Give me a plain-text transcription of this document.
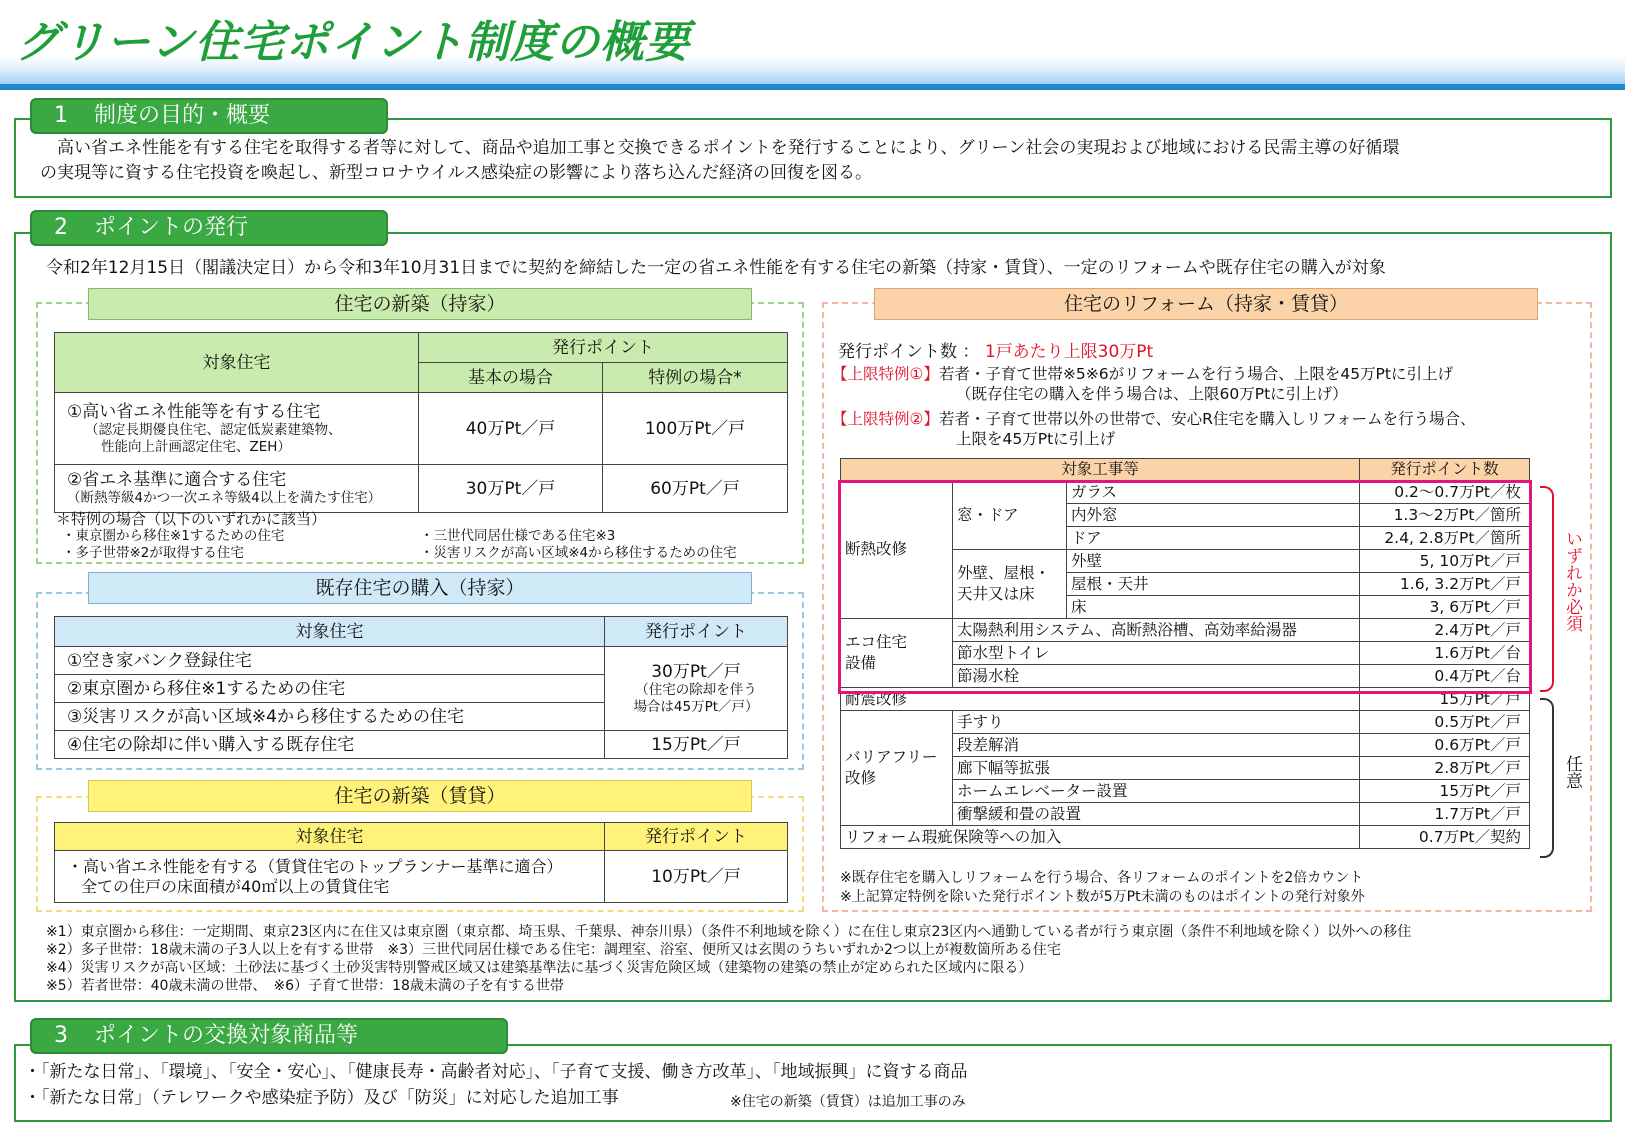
グリーン住宅ポイント制度の概要
　高い省エネ性能を有する住宅を取得する者等に対して、商品や追加工事と交換できるポイントを発行することにより、グリーン社会の実現および地域における民需主導の好循環
の実現等に資する住宅投資を喚起し、新型コロナウイルス感染症の影響により落ち込んだ経済の回復を図る。
1 制度の目的・概要
令和2年12月15日（閣議決定日）から令和3年10月31日までに契約を締結した一定の省エネ性能を有する住宅の新築（持家・賃貸）、一定のリフォームや既存住宅の購入が対象
2 ポイントの発行
住宅の新築（持家）
対象住宅	発行ポイント	
	基本の場合	特例の場合*

①高い省エネ性能等を有する住宅
（認定長期優良住宅、認定低炭素建築物、
性能向上計画認定住宅、ZEH）	40万Pt／戸	100万Pt／戸

②省エネ基準に適合する住宅
（断熱等級4かつ一次エネ等級4以上を満たす住宅）	30万Pt／戸	60万Pt／戸
＊特例の場合（以下のいずれかに該当）
・東京圏から移住※1するための住宅
・多子世帯※2が取得する住宅
・三世代同居仕様である住宅※3
・災害リスクが高い区域※4から移住するための住宅
既存住宅の購入（持家）
対象住宅	発行ポイント
①空き家バンク登録住宅	30万Pt／戸
（住宅の除却を伴う
場合は45万Pt／戸）

②東京圏から移住※1するための住宅	
③災害リスクが高い区域※4から移住するための住宅	
④住宅の除却に伴い購入する既存住宅	15万Pt／戸
住宅の新築（賃貸）
対象住宅	発行ポイント

・高い省エネ性能を有する（賃貸住宅のトップランナー基準に適合）
全ての住戸の床面積が40㎡以上の賃貸住宅	10万Pt／戸
住宅のリフォーム（持家・賃貸）
発行ポイント数 ： 1戸あたり上限30万Pt
【上限特例①】若者・子育て世帯※5※6がリフォームを行う場合、上限を45万Ptに引上げ
（既存住宅の購入を伴う場合は、上限60万Ptに引上げ）
【上限特例②】若者・子育て世帯以外の世帯で、安心R住宅を購入しリフォームを行う場合、
上限を45万Ptに引上げ
対象工事等			発行ポイント数
断熱改修	窓・ドア	ガラス	0.2～0.7万Pt／枚
		内外窓	1.3～2万Pt／箇所
		ドア	2.4, 2.8万Pt／箇所

	外壁、屋根・
天井又は床	外壁	5, 10万Pt／戸
		屋根・天井	1.6, 3.2万Pt／戸
		床	3, 6万Pt／戸

エコ住宅
設備	太陽熱利用システム、高断熱浴槽、高効率給湯器		2.4万Pt／戸
	節水型トイレ		1.6万Pt／台
	節湯水栓		0.4万Pt／台
耐震改修			15万Pt／戸

バリアフリー
改修	手すり		0.5万Pt／戸
	段差解消		0.6万Pt／戸
	廊下幅等拡張		2.8万Pt／戸
	ホームエレベーター設置		15万Pt／戸
	衝撃緩和畳の設置		1.7万Pt／戸
リフォーム瑕疵保険等への加入			0.7万Pt／契約
いずれか必須
任意
※既存住宅を購入しリフォームを行う場合、各リフォームのポイントを2倍カウント
※上記算定特例を除いた発行ポイント数が5万Pt未満のものはポイントの発行対象外
※1）東京圏から移住：一定期間、東京23区内に在住又は東京圏（東京都、埼玉県、千葉県、神奈川県）（条件不利地域を除く）に在住し東京23区内へ通勤している者が行う東京圏（条件不利地域を除く）以外への移住
※2）多子世帯：18歳未満の子3人以上を有する世帯　※3）三世代同居仕様である住宅：調理室、浴室、便所又は玄関のうちいずれか2つ以上が複数箇所ある住宅
※4）災害リスクが高い区域：土砂法に基づく土砂災害特別警戒区域又は建築基準法に基づく災害危険区域（建築物の建築の禁止が定められた区域内に限る）
※5）若者世帯：40歳未満の世帯、　※6）子育て世帯：18歳未満の子を有する世帯
・「新たな日常」、「環境」、「安全・安心」、「健康長寿・高齢者対応」、「子育て支援、働き方改革」、「地域振興」に資する商品
・「新たな日常」（テレワークや感染症予防）及び「防災」に対応した追加工事	※住宅の新築（賃貸）は追加工事のみ
3 ポイントの交換対象商品等
